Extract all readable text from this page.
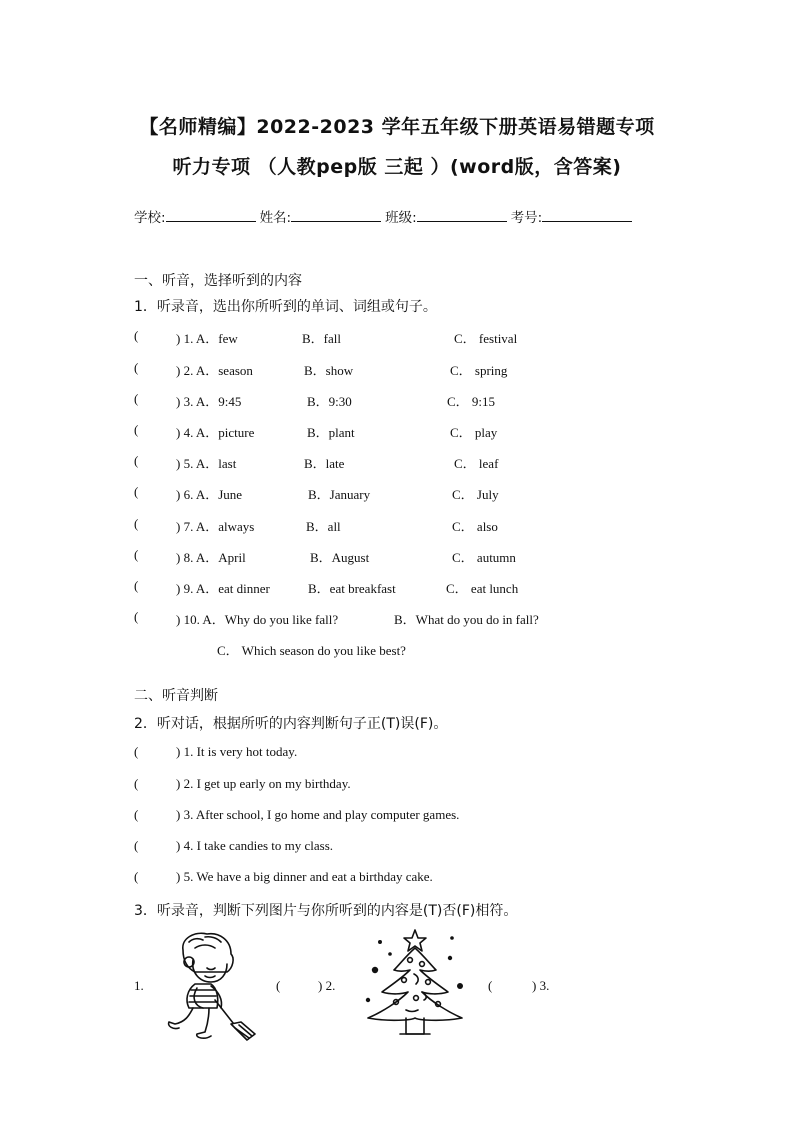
【名师精编】2022-2023 学年五年级下册英语易错题专项
听力专项 （人教pep版 三起 ）(word版，含答案)
学校:	姓名:	班级:	考号:
一、听音，选择听到的内容
1．听录音，选出你所听到的单词、词组或句子。
(	) 1. A．few	B．fall	C． festival
(	) 2. A．season	B．show	C． spring
(	) 3. A．9:45	B．9:30	C． 9:15
(	) 4. A．picture	B．plant	C． play
(	) 5. A．last	B．late	C． leaf
(	) 6. A．June	B．January	C． July
(	) 7. A．always	B．all	C． also
(	) 8. A．April	B．August	C． autumn
(	) 9. A．eat dinner	B．eat breakfast	C． eat lunch
(	) 10. A．Why do you like fall?	B．What do you do in fall?
C． Which season do you like best?
二、听音判断
2．听对话，根据所听的内容判断句子正(T)误(F)。
(	) 1. It is very hot today.
(	) 2. I get up early on my birthday.
(	) 3. After school, I go home and play computer games.
(	) 4. I take candies to my class.
(	) 5. We have a big dinner and eat a birthday cake.
3．听录音，判断下列图片与你所听到的内容是(T)否(F)相符。
1.	(	) 2.	(	) 3.
